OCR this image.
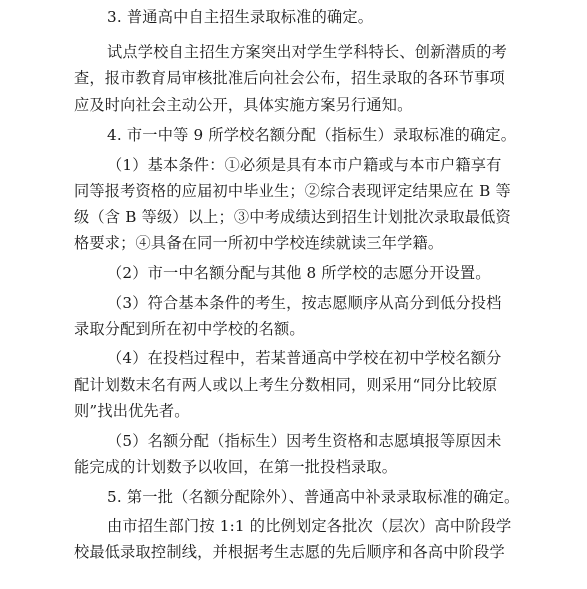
3. 普通高中自主招生录取标准的确定。
试点学校自主招生方案突出对学生学科特长、创新潜质的考
查，报市教育局审核批准后向社会公布，招生录取的各环节事项
应及时向社会主动公开，具体实施方案另行通知。
4. 市一中等 9 所学校名额分配（指标生）录取标准的确定。
（1）基本条件：①必须是具有本市户籍或与本市户籍享有
同等报考资格的应届初中毕业生；②综合表现评定结果应在 B 等
级（含 B 等级）以上；③中考成绩达到招生计划批次录取最低资
格要求；④具备在同一所初中学校连续就读三年学籍。
（2）市一中名额分配与其他 8 所学校的志愿分开设置。
（3）符合基本条件的考生，按志愿顺序从高分到低分投档
录取分配到所在初中学校的名额。
（4）在投档过程中，若某普通高中学校在初中学校名额分
配计划数末名有两人或以上考生分数相同，则采用“同分比较原
则”找出优先者。
（5）名额分配（指标生）因考生资格和志愿填报等原因未
能完成的计划数予以收回，在第一批投档录取。
5. 第一批（名额分配除外）、普通高中补录录取标准的确定。
由市招生部门按 1:1 的比例划定各批次（层次）高中阶段学
校最低录取控制线，并根据考生志愿的先后顺序和各高中阶段学
